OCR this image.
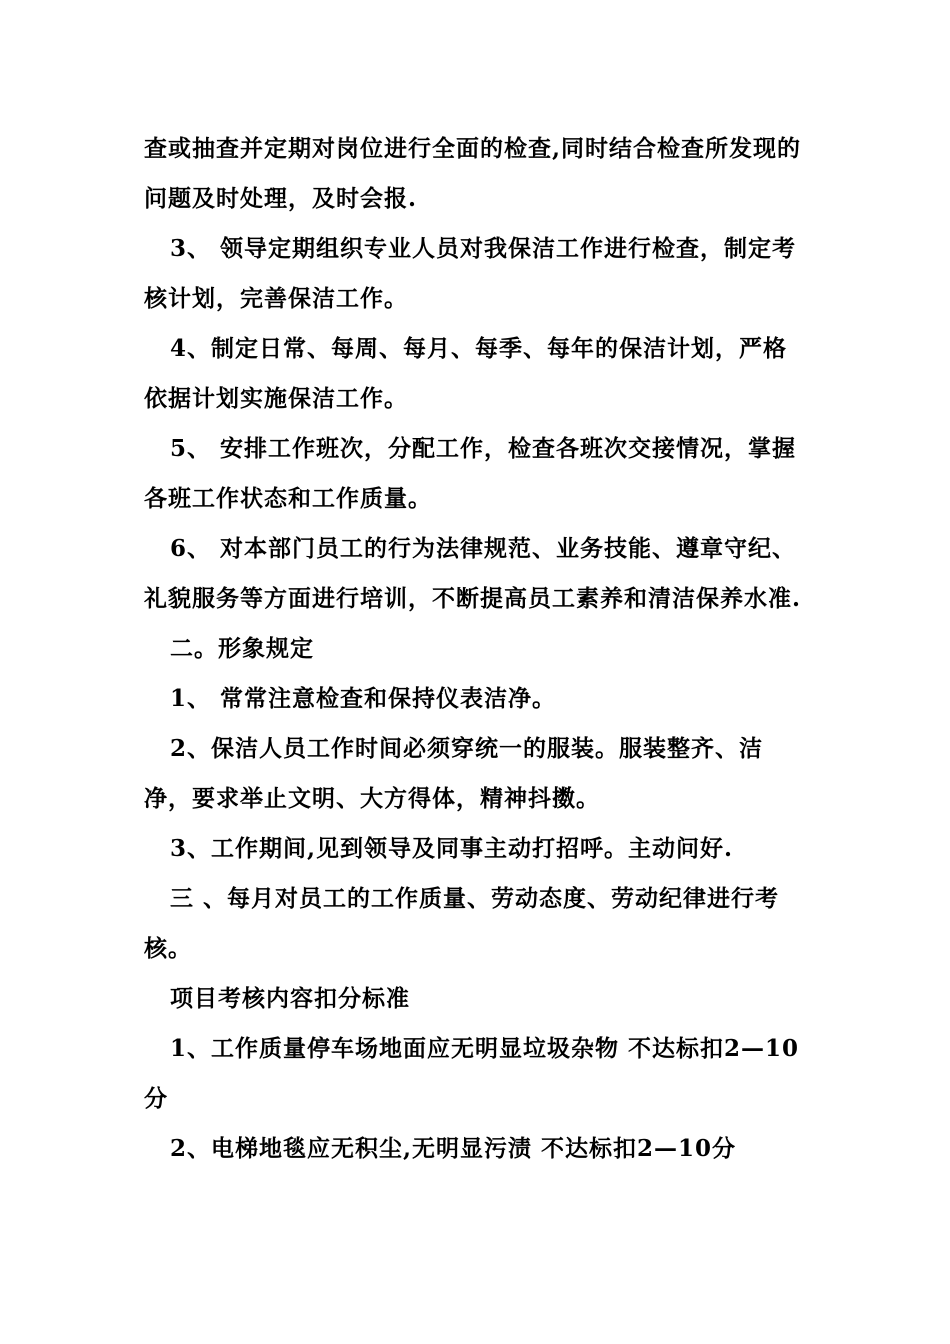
查或抽查并定期对岗位进行全面的检查,同时结合检查所发现的问题及时处理，及时会报.

3、 领导定期组织专业人员对我保洁工作进行检查，制定考核计划，完善保洁工作。

4、制定日常、每周、每月、每季、每年的保洁计划，严格依据计划实施保洁工作。

5、 安排工作班次，分配工作，检查各班次交接情况，掌握各班工作状态和工作质量。

6、 对本部门员工的行为法律规范、业务技能、遵章守纪、礼貌服务等方面进行培训，不断提高员工素养和清洁保养水准.

二。形象规定

1、 常常注意检查和保持仪表洁净。

2、保洁人员工作时间必须穿统一的服装。服装整齐、洁净，要求举止文明、大方得体，精神抖擞。

3、工作期间,见到领导及同事主动打招呼。主动问好.

三 、每月对员工的工作质量、劳动态度、劳动纪律进行考核。

项目考核内容扣分标准

1、工作质量停车场地面应无明显垃圾杂物 不达标扣2—10分

2、电梯地毯应无积尘,无明显污渍 不达标扣2—10分
